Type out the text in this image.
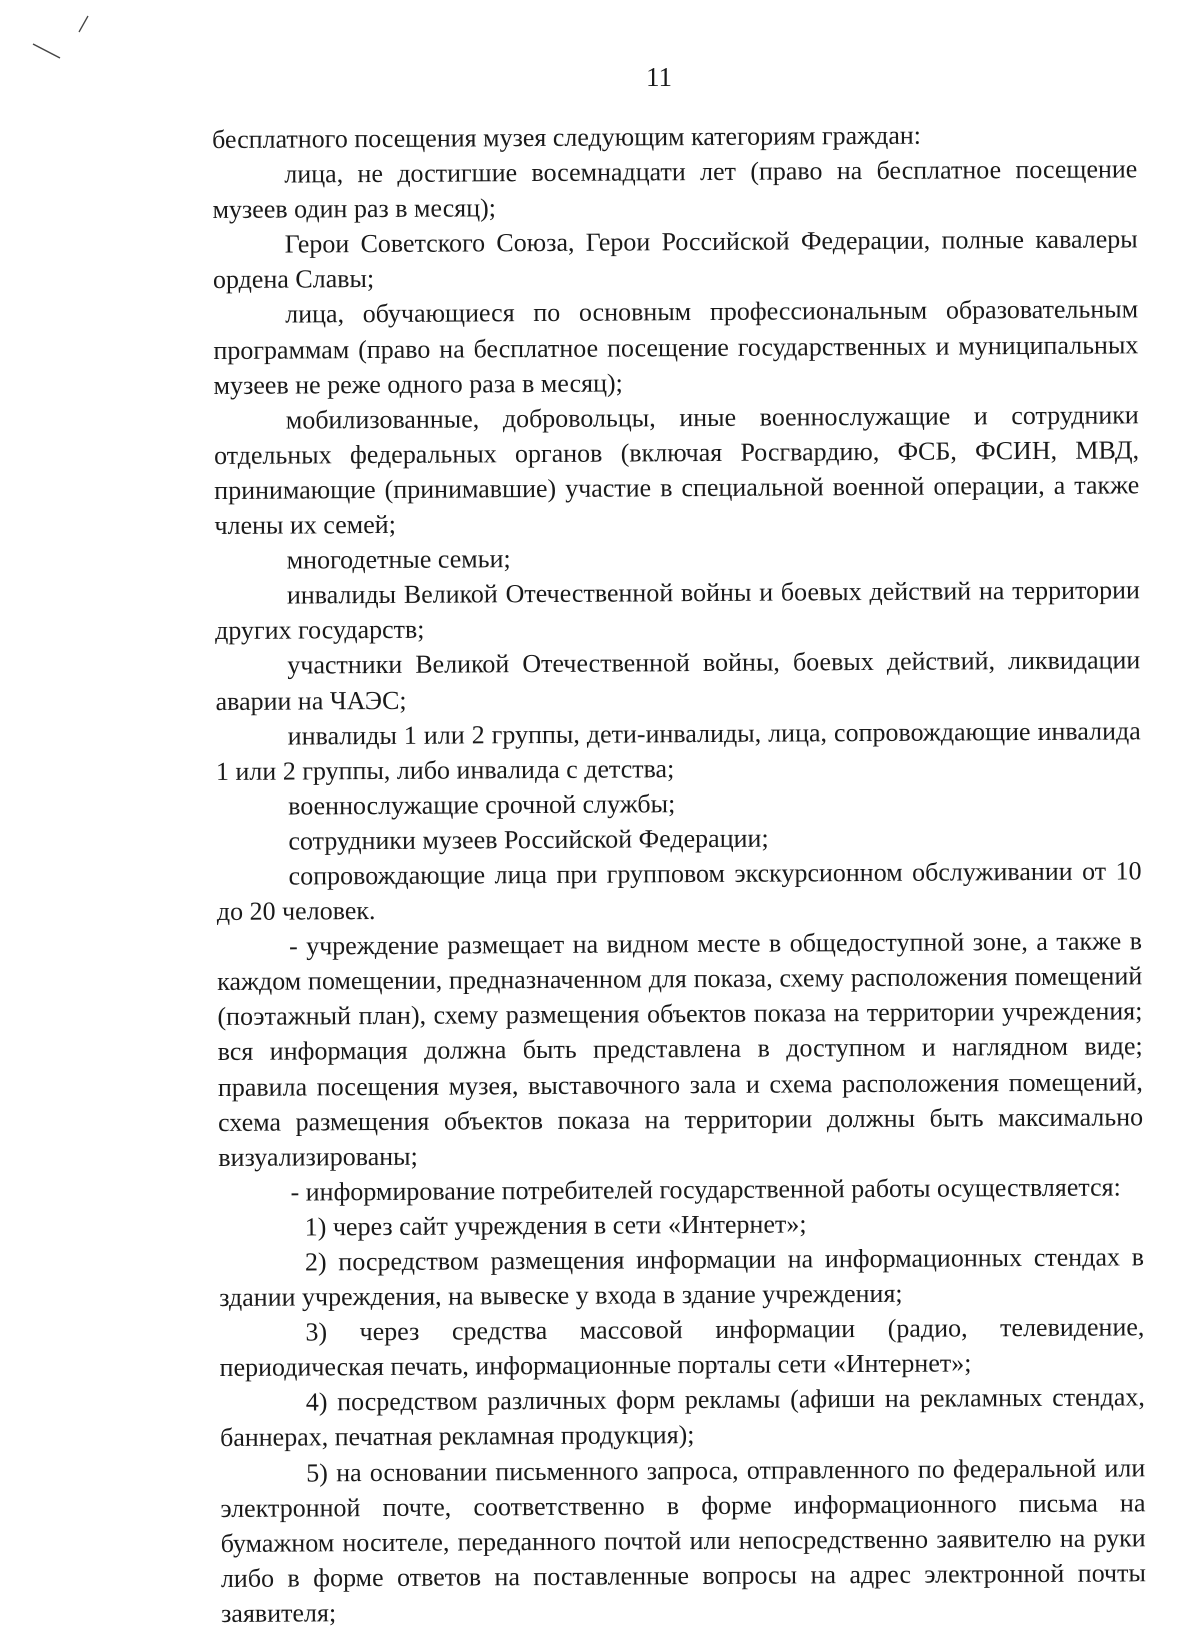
11

бесплатного посещения музея следующим категориям граждан:

лица, не достигшие восемнадцати лет (право на бесплатное посещение музеев один раз в месяц);

Герои Советского Союза, Герои Российской Федерации, полные кавалеры ордена Славы;

лица, обучающиеся по основным профессиональным образовательным программам (право на бесплатное посещение государственных и муниципальных музеев не реже одного раза в месяц);

мобилизованные, добровольцы, иные военнослужащие и сотрудники отдельных федеральных органов (включая Росгвардию, ФСБ, ФСИН, МВД, принимающие (принимавшие) участие в специальной военной операции, а также члены их семей;

многодетные семьи;

инвалиды Великой Отечественной войны и боевых действий на территории других государств;

участники Великой Отечественной войны, боевых действий, ликвидации аварии на ЧАЭС;

инвалиды 1 или 2 группы, дети-инвалиды, лица, сопровождающие инвалида 1 или 2 группы, либо инвалида с детства;

военнослужащие срочной службы;

сотрудники музеев Российской Федерации;

сопровождающие лица при групповом экскурсионном обслуживании от 10 до 20 человек.

- учреждение размещает на видном месте в общедоступной зоне, а также в каждом помещении, предназначенном для показа, схему расположения помещений (поэтажный план), схему размещения объектов показа на территории учреждения; вся информация должна быть представлена в доступном и наглядном виде; правила посещения музея, выставочного зала и схема расположения помещений, схема размещения объектов показа на территории должны быть максимально визуализированы;

- информирование потребителей государственной работы осуществляется:

1) через сайт учреждения в сети «Интернет»;

2) посредством размещения информации на информационных стендах в здании учреждения, на вывеске у входа в здание учреждения;

3) через средства массовой информации (радио, телевидение, периодическая печать, информационные порталы сети «Интернет»;

4) посредством различных форм рекламы (афиши на рекламных стендах, баннерах, печатная рекламная продукция);

5) на основании письменного запроса, отправленного по федеральной или электронной почте, соответственно в форме информационного письма на бумажном носителе, переданного почтой или непосредственно заявителю на руки либо в форме ответов на поставленные вопросы на адрес электронной почты заявителя;
